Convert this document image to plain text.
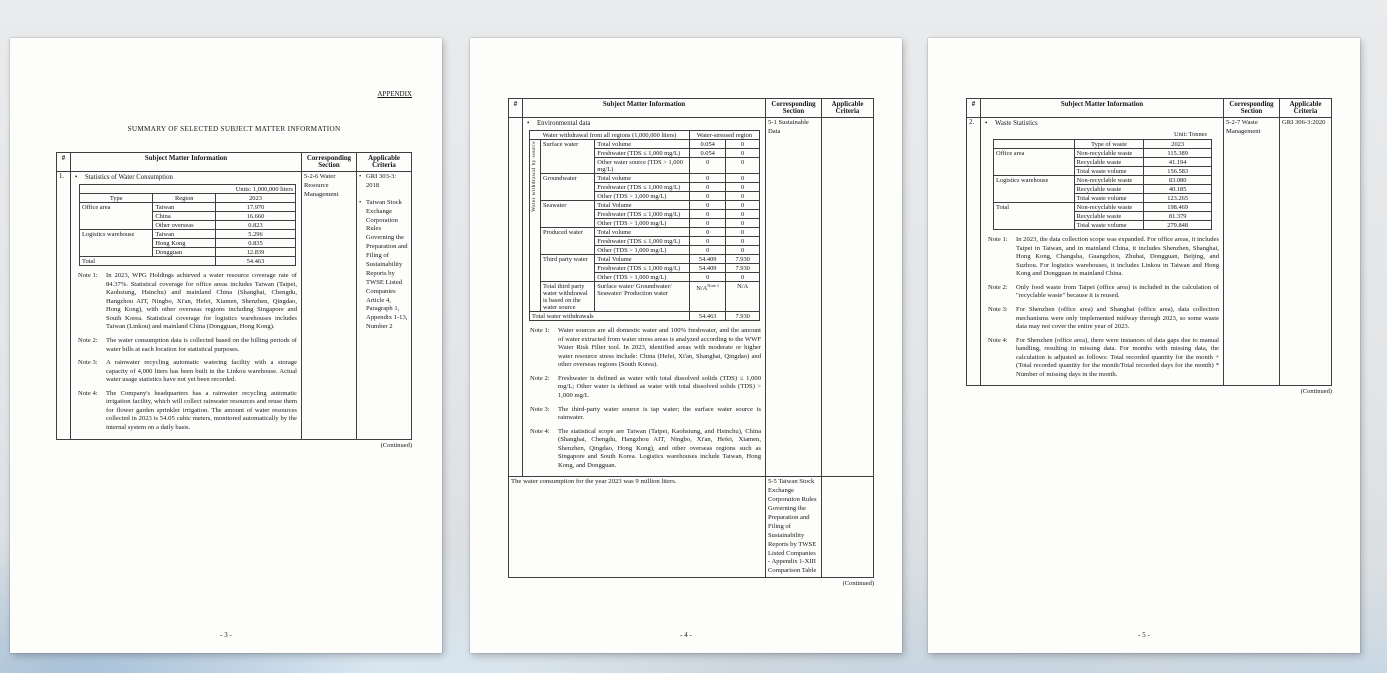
APPENDIX
SUMMARY OF SELECTED SUBJECT MATTER INFORMATION
#	Subject Matter Information	Corresponding Section	Applicable Criteria
1.	• Statistics of Water Consumption
Units: 1,000,000 liters
Type	Region	2023
Office area	Taiwan	17.970
China	16.660
Other overseas	0.823
Logistics warehouse	Taiwan	5.296
Hong Kong	0.835
Dongguan	12.839
Total	54.463
Note 1:	In 2023, WPG Holdings achieved a water resource coverage rate of 84.37%. Statistical coverage for office areas includes Taiwan (Taipei, Kaohsiung, Hsinchu) and mainland China (Shanghai, Chengdu, Hangzhou AIT, Ningbo, Xi'an, Hefei, Xiamen, Shenzhen, Qingdao, Hong Kong), with other overseas regions including Singapore and South Korea. Statistical coverage for logistics warehouses includes Taiwan (Linkou) and mainland China (Dongguan, Hong Kong).
Note 2:	The water consumption data is collected based on the billing periods of water bills at each location for statistical purposes.
Note 3:	A rainwater recycling automatic watering facility with a storage capacity of 4,000 liters has been built in the Linkou warehouse. Actual water usage statistics have not yet been recorded.
Note 4:	The Company's headquarters has a rainwater recycling automatic irrigation facility, which will collect rainwater resources and reuse them for flower garden sprinkler irrigation. The amount of water resources collected in 2023 is 54.05 cubic meters, monitored automatically by the internal system on a daily basis.
	5-2-6 Water Resource Management	
• GRI 303-3: 2018
• Taiwan Stock Exchange Corporation Rules Governing the Preparation and Filing of Sustainability Reports by TWSE Listed Companies Article 4, Paragraph 1, Appendix 1-13, Number 2
(Continued)
- 3 -
#	Subject Matter Information	Corresponding Section	Applicable Criteria

• Environmental data
Water withdrawal from all regions (1,000,000 liters)	Water-stressed region

Water withdrawal by source	Surface water	Total volume	0.054	0
Freshwater (TDS ≤ 1,000 mg/L)	0.054	0
Other water source (TDS > 1,000 mg/L)	0	0
Groundwater	Total volume	0	0
Freshwater (TDS ≤ 1,000 mg/L)	0	0
Other (TDS > 1,000 mg/L)	0	0
Seawater	Total Volume	0	0
Freshwater (TDS ≤ 1,000 mg/L)	0	0
Other (TDS > 1,000 mg/L)	0	0
Produced water	Total volume	0	0
Freshwater (TDS ≤ 1,000 mg/L)	0	0
Other (TDS > 1,000 mg/L)	0	0
Third party water	Total Volume	54.409	7.930
Freshwater (TDS ≤ 1,000 mg/L)	54.409	7.930
Other (TDS > 1,000 mg/L)	0	0
Total third party water withdrawal is based on the water source	Surface water/ Groundwater/ Seawater/ Production water	$N/A^{Note 1}$	N/A
Total water withdrawals	54.463	7.930
Note 1:	Water sources are all domestic water and 100% freshwater, and the amount of water extracted from water stress areas is analyzed according to the WWF Water Risk Filter tool. In 2023, identified areas with moderate or higher water resource stress include: China (Hefei, Xi'an, Shanghai, Qingdao) and other overseas regions (South Korea).
Note 2:	Freshwater is defined as water with total dissolved solids (TDS) ≤ 1,000 mg/L; Other water is defined as water with total dissolved solids (TDS) > 1,000 mg/L
Note 3:	The third-party water source is tap water; the surface water source is rainwater.
Note 4:	The statistical scope are Taiwan (Taipei, Kaohsiung, and Hsinchu), China (Shanghai, Chengdu, Hangzhou AIT, Ningbo, Xi'an, Hefei, Xiamen, Shenzhen, Qingdao, Hong Kong), and other overseas regions such as Singapore and South Korea. Logistics warehouses include Taiwan, Hong Kong, and Dongguan.
	5-1 Sustainable Data	
The water consumption for the year 2023 was 9 million liters.	5-5 Taiwan Stock Exchange Corporation Rules Governing the Preparation and Filing of Sustainability Reports by TWSE Listed Companies - Appendix 1-XIII Comparison Table	
(Continued)
- 4 -
#	Subject Matter Information	Corresponding Section	Applicable Criteria
2.	• Waste Statistics
Unit: Tonnes
	Type of waste	2023
Office area	Non-recyclable waste	115.389
Recyclable waste	41.194
Total waste volume	156.583
Logistics warehouse	Non-recyclable waste	83.080
Recyclable waste	40.185
Total waste volume	123.265
Total	Non-recyclable waste	198.469
Recyclable waste	81.379
Total waste volume	279.848
Note 1:	In 2023, the data collection scope was expanded. For office areas, it includes Taipei in Taiwan, and in mainland China, it includes Shenzhen, Shanghai, Hong Kong, Changsha, Guangzhou, Zhuhai, Dongguan, Beijing, and Suzhou. For logistics warehouses, it includes Linkou in Taiwan and Hong Kong and Dongguan in mainland China.
Note 2:	Only food waste from Taipei (office area) is included in the calculation of "recyclable waste" because it is reused.
Note 3:	For Shenzhen (office area) and Shanghai (office area), data collection mechanisms were only implemented midway through 2023, so some waste data may not cover the entire year of 2023.
Note 4:	For Shenzhen (office area), there were instances of data gaps due to manual handling, resulting in missing data. For months with missing data, the calculation is adjusted as follows: Total recorded quantity for the month + (Total recorded quantity for the month/Total recorded days for the month) * Number of missing days in the month.
	5-2-7 Waste Management	GRI 306-3:2020
(Continued)
- 5 -
